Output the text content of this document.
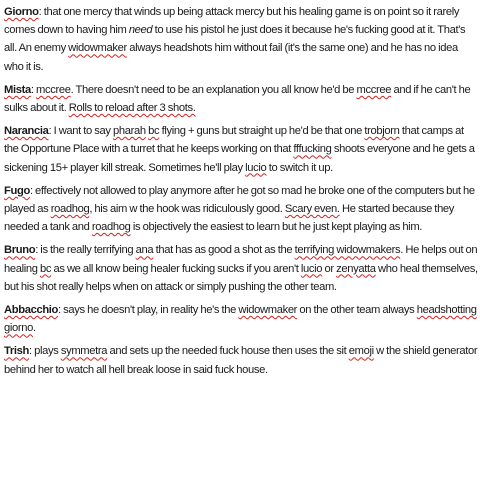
Giorno: that one mercy that winds up being attack mercy but his healing game is on point so it rarely comes down to having him need to use his pistol he just does it because he's fucking good at it. That's all. An enemy widowmaker always headshots him without fail (it's the same one) and he has no idea who it is.

Mista: mccree. There doesn't need to be an explanation you all know he'd be mccree and if he can't he sulks about it. Rolls to reload after 3 shots.

Narancia: I want to say pharah bc flying + guns but straight up he'd be that one trobjorn that camps at the Opportune Place with a turret that he keeps working on that fffucking shoots everyone and he gets a sickening 15+ player kill streak. Sometimes he'll play lucio to switch it up.

Fugo: effectively not allowed to play anymore after he got so mad he broke one of the computers but he played as roadhog, his aim w the hook was ridiculously good. Scary even. He started because they needed a tank and roadhog is objectively the easiest to learn but he just kept playing as him.

Bruno: is the really terrifying ana that has as good a shot as the terrifying widowmakers. He helps out on healing bc as we all know being healer fucking sucks if you aren't lucio or zenyatta who heal themselves, but his shot really helps when on attack or simply pushing the other team.

Abbacchio: says he doesn't play, in reality he's the widowmaker on the other team always headshotting giorno.

Trish: plays symmetra and sets up the needed fuck house then uses the sit emoji w the shield generator behind her to watch all hell break loose in said fuck house.
